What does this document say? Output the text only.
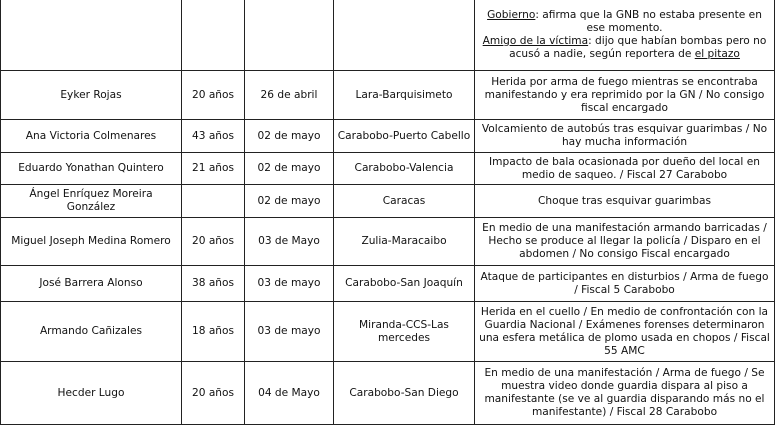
				Gobierno: afirma que la GNB no estaba presente en ese momento.
Amigo de la víctima: dijo que habían bombas pero no acusó a nadie, según reportera de el pitazo
Eyker Rojas	20 años	26 de abril	Lara-Barquisimeto	Herida por arma de fuego mientras se encontraba manifestando y era reprimido por la GN / No consigo fiscal encargado
Ana Victoria Colmenares	43 años	02 de mayo	Carabobo-Puerto Cabello	Volcamiento de autobús tras esquivar guarimbas / No hay mucha información
Eduardo Yonathan Quintero	21 años	02 de mayo	Carabobo-Valencia	Impacto de bala ocasionada por dueño del local en medio de saqueo. / Fiscal 27 Carabobo
Ángel Enríquez Moreira González		02 de mayo	Caracas	Choque tras esquivar guarimbas
Miguel Joseph Medina Romero	20 años	03 de Mayo	Zulia-Maracaibo	En medio de una manifestación armando barricadas / Hecho se produce al llegar la policía / Disparo en el abdomen / No consigo Fiscal encargado
José Barrera Alonso	38 años	03 de mayo	Carabobo-San Joaquín	Ataque de participantes en disturbios / Arma de fuego / Fiscal 5 Carabobo
Armando Cañizales	18 años	03 de mayo	Miranda-CCS-Las mercedes	Herida en el cuello / En medio de confrontación con la Guardia Nacional / Exámenes forenses determinaron una esfera metálica de plomo usada en chopos / Fiscal 55 AMC
Hecder Lugo	20 años	04 de Mayo	Carabobo-San Diego	En medio de una manifestación / Arma de fuego / Se muestra video donde guardia dispara al piso a manifestante (se ve al guardia disparando más no el manifestante) / Fiscal 28 Carabobo
